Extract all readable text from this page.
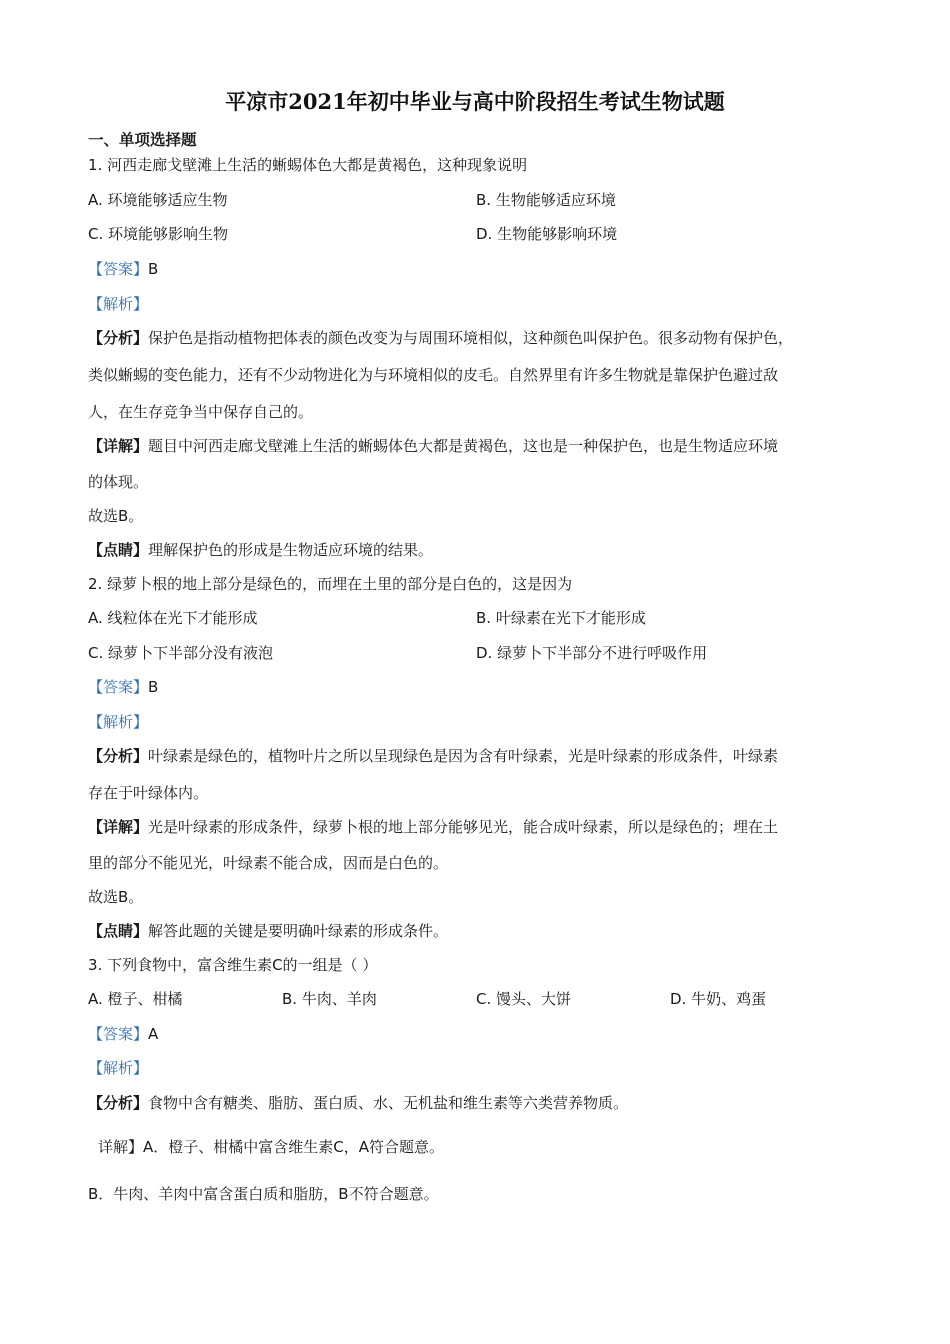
平凉市2021年初中毕业与高中阶段招生考试生物试题
一、单项选择题
1. 河西走廊戈壁滩上生活的蜥蜴体色大都是黄褐色，这种现象说明
A. 环境能够适应生物	B. 生物能够适应环境
C. 环境能够影响生物	D. 生物能够影响环境
【答案】B
【解析】
【分析】保护色是指动植物把体表的颜色改变为与周围环境相似，这种颜色叫保护色。很多动物有保护色，
类似蜥蜴的变色能力，还有不少动物进化为与环境相似的皮毛。自然界里有许多生物就是靠保护色避过敌
人，在生存竞争当中保存自己的。
【详解】题目中河西走廊戈壁滩上生活的蜥蜴体色大都是黄褐色，这也是一种保护色，也是生物适应环境
的体现。
故选B。
【点睛】理解保护色的形成是生物适应环境的结果。
2. 绿萝卜根的地上部分是绿色的，而埋在土里的部分是白色的，这是因为
A. 线粒体在光下才能形成	B. 叶绿素在光下才能形成
C. 绿萝卜下半部分没有液泡	D. 绿萝卜下半部分不进行呼吸作用
【答案】B
【解析】
【分析】叶绿素是绿色的，植物叶片之所以呈现绿色是因为含有叶绿素，光是叶绿素的形成条件，叶绿素
存在于叶绿体内。
【详解】光是叶绿素的形成条件，绿萝卜根的地上部分能够见光，能合成叶绿素，所以是绿色的；埋在土
里的部分不能见光，叶绿素不能合成，因而是白色的。
故选B。
【点睛】解答此题的关键是要明确叶绿素的形成条件。
3. 下列食物中，富含维生素C的一组是（ ）
A. 橙子、柑橘	B. 牛肉、羊肉	C. 馒头、大饼	D. 牛奶、鸡蛋
【答案】A
【解析】
【分析】食物中含有糖类、脂肪、蛋白质、水、无机盐和维生素等六类营养物质。
详解】A．橙子、柑橘中富含维生素C，A符合题意。
B．牛肉、羊肉中富含蛋白质和脂肪，B不符合题意。
